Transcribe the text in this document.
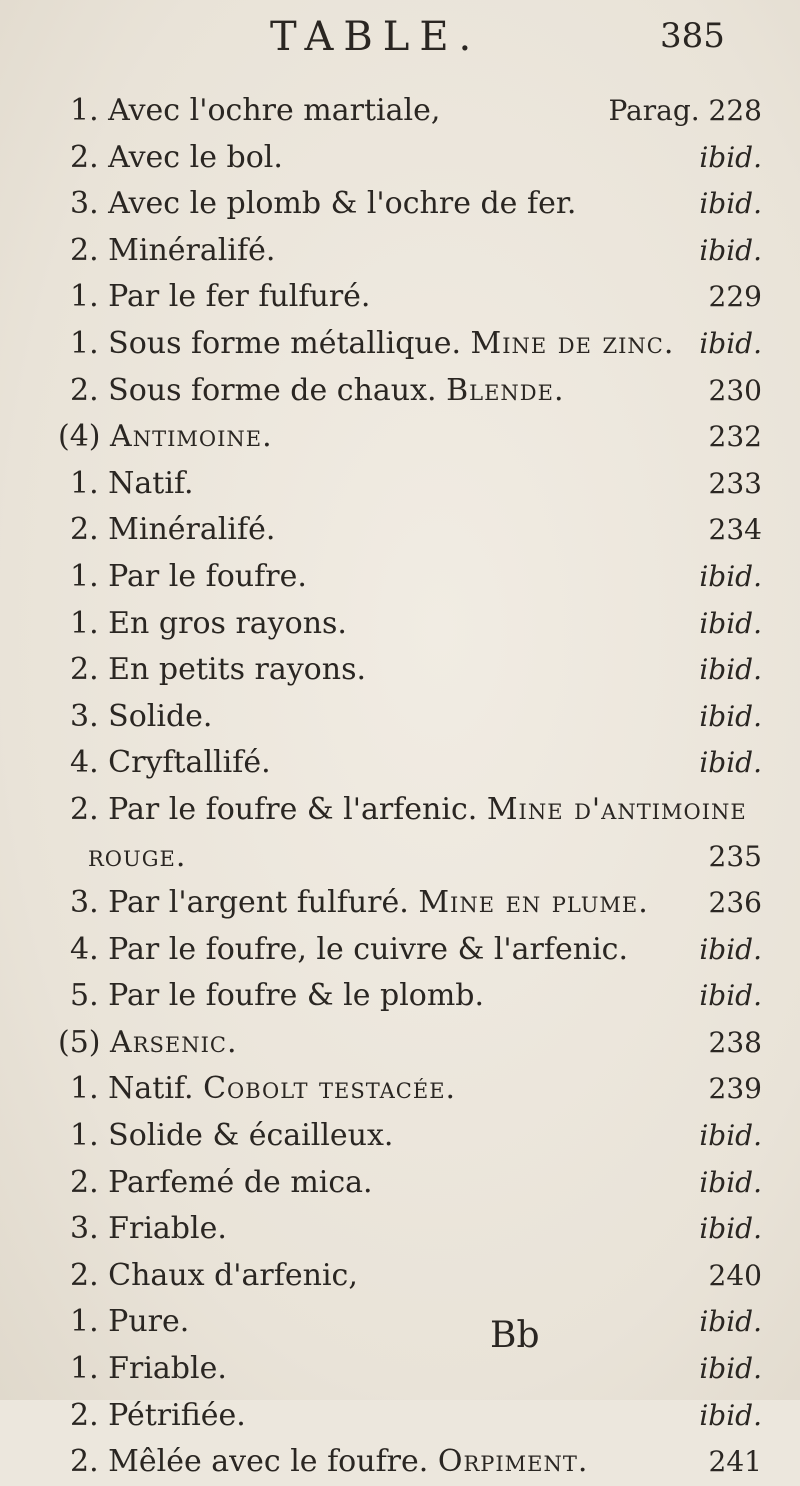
TABLE.	385
1. Avec l'ochre martiale,	Parag. 228
2. Avec le bol.	ibid.
3. Avec le plomb & l'ochre de fer.	ibid.
2. Minéralifé.	ibid.
1. Par le fer fulfuré.	229
1. Sous forme métallique. Mine de zinc. ibid.
2. Sous forme de chaux. Blende.	230
(4) Antimoine.	232
1. Natif.	233
2. Minéralifé.	234
1. Par le foufre.	ibid.
1. En gros rayons.	ibid.
2. En petits rayons.	ibid.
3. Solide.	ibid.
4. Cryftallifé.	ibid.
2. Par le foufre & l'arfenic. Mine d'antimoine
rouge.	235
3. Par l'argent fulfuré. Mine en plume. 236
4. Par le foufre, le cuivre & l'arfenic.	ibid.
5. Par le foufre & le plomb.	ibid.
(5) Arsenic.	238
1. Natif. Cobolt testacée.	239
1. Solide & écailleux.	ibid.
2. Parfemé de mica.	ibid.
3. Friable.	ibid.
2. Chaux d'arfenic,	240
1. Pure.	ibid.
1. Friable.	ibid.
2. Pétrifiée.	ibid.
2. Mêlée avec le foufre. Orpiment.	241
Bb
